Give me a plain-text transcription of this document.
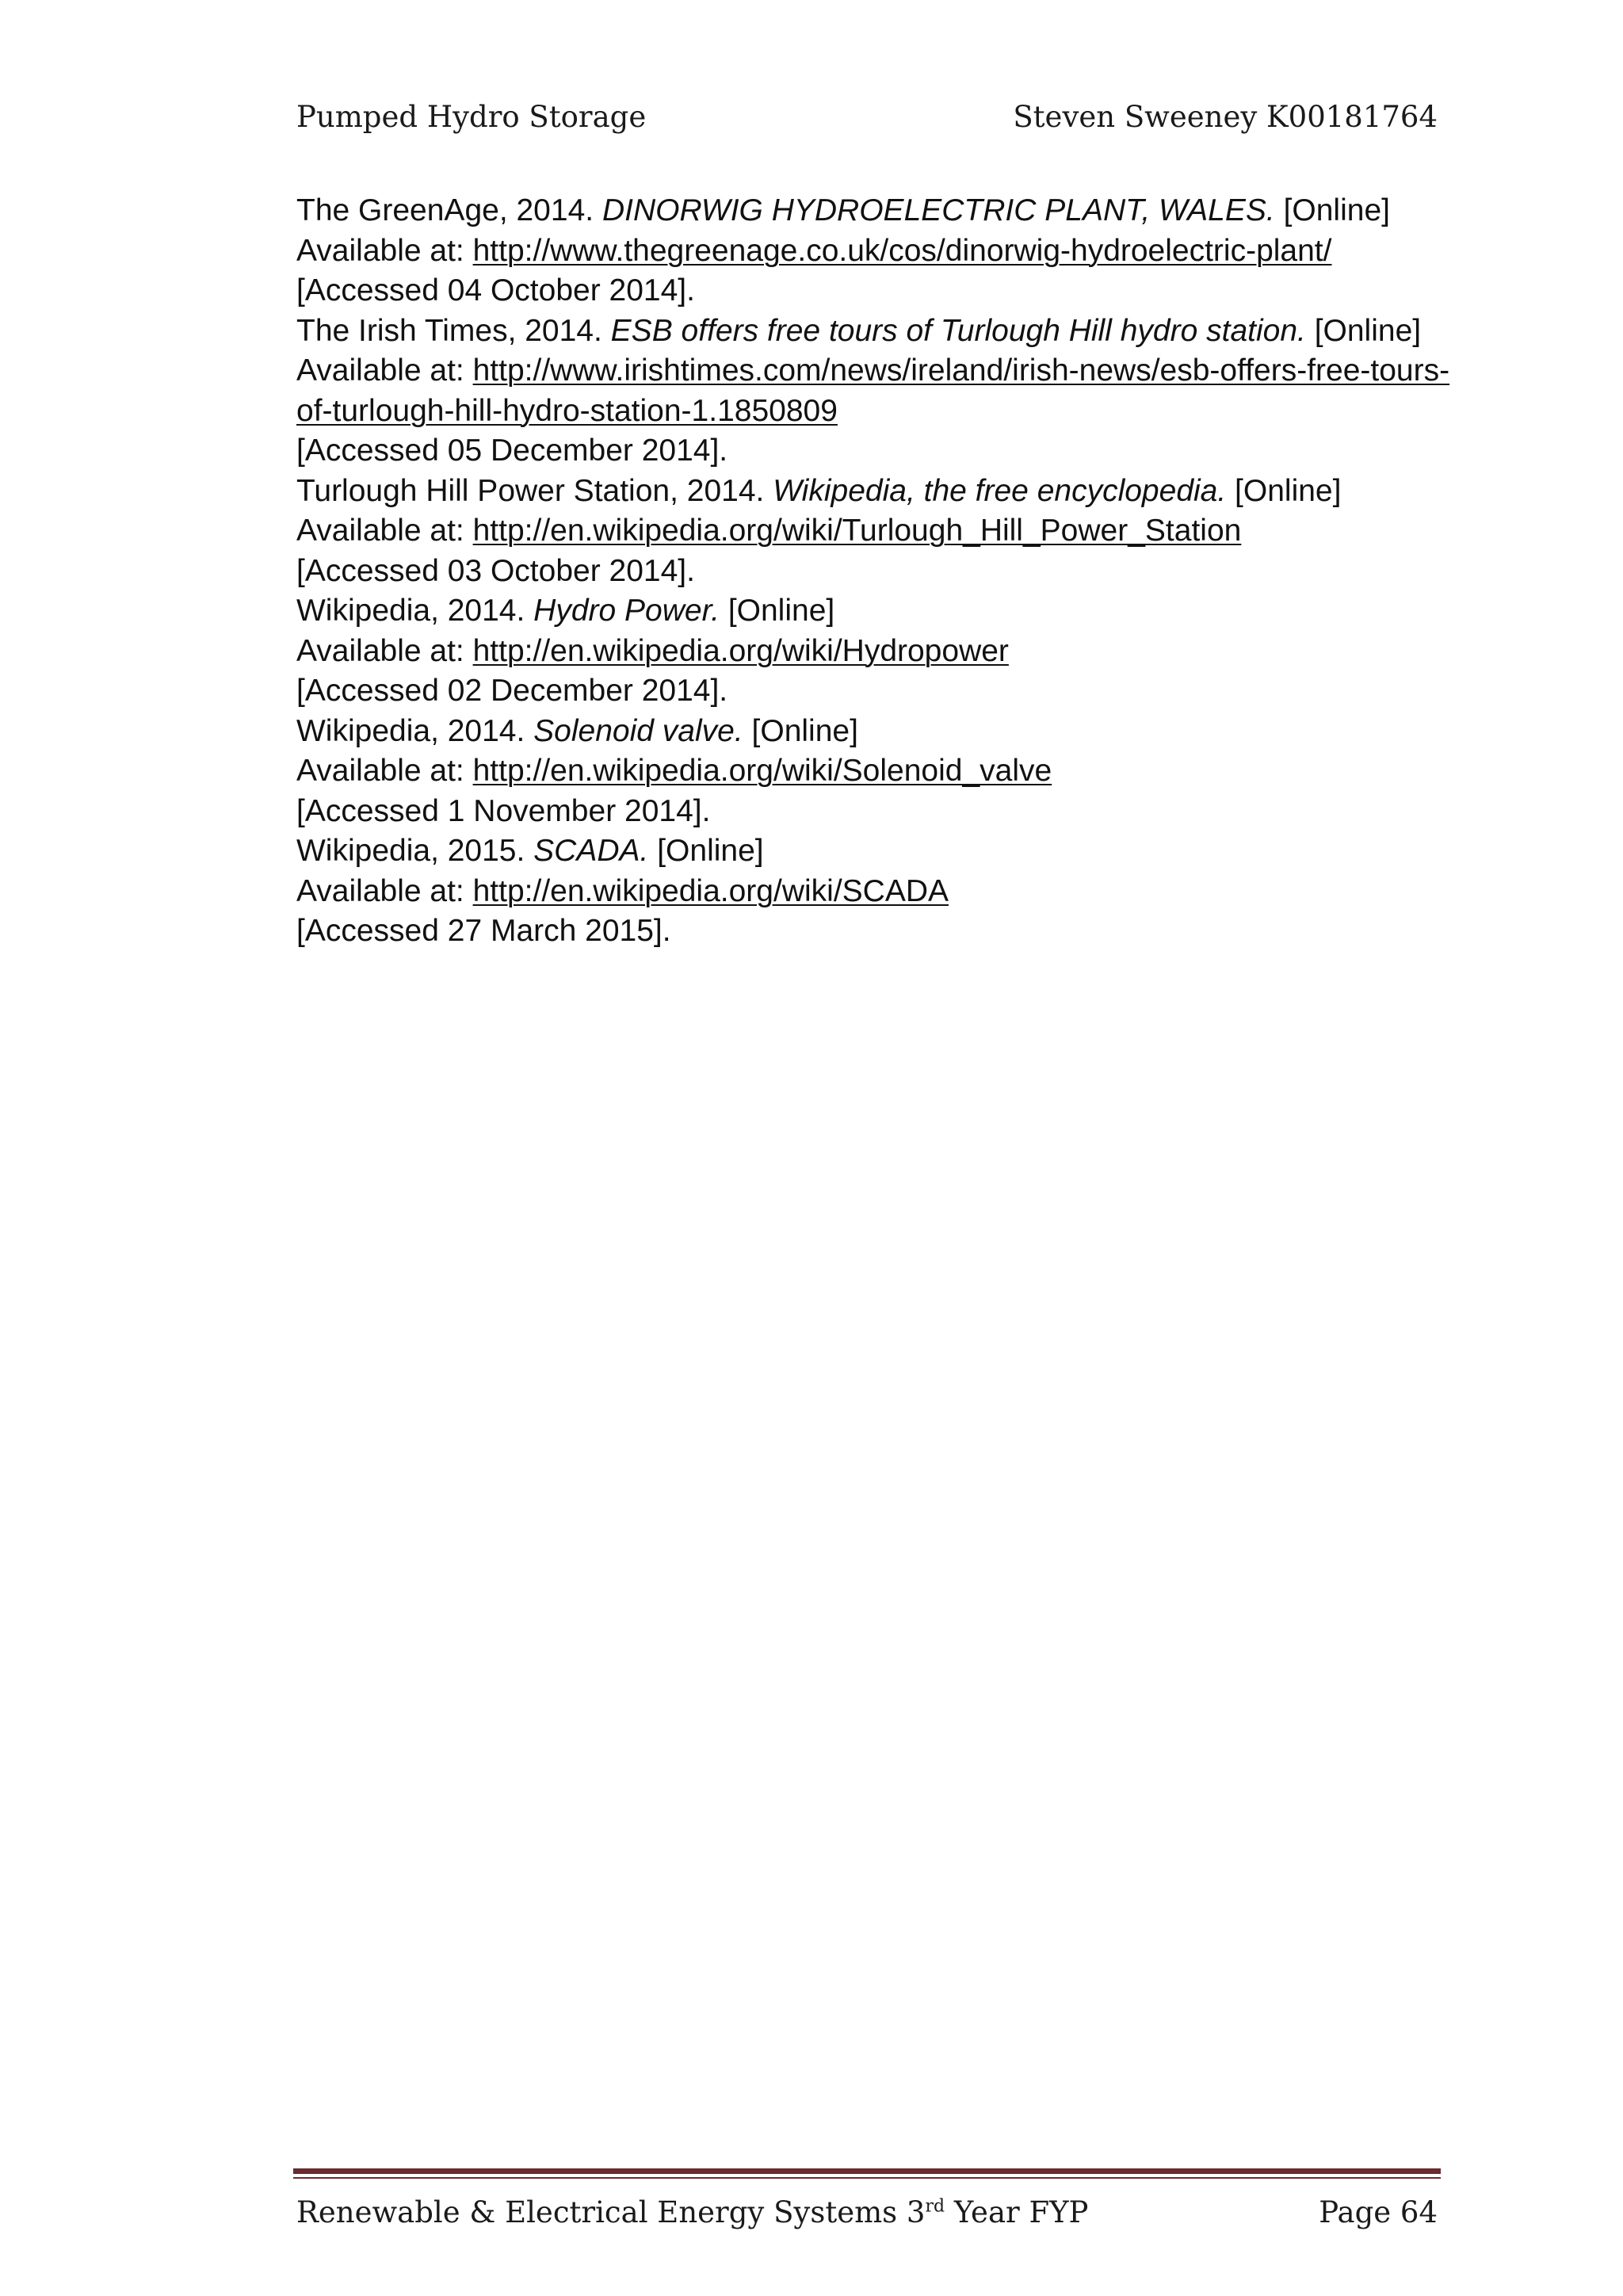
Pumped Hydro Storage	Steven Sweeney K00181764
The GreenAge, 2014. DINORWIG HYDROELECTRIC PLANT, WALES. [Online]
Available at: http://www.thegreenage.co.uk/cos/dinorwig-hydroelectric-plant/
[Accessed 04 October 2014].
The Irish Times, 2014. ESB offers free tours of Turlough Hill hydro station. [Online]
Available at: http://www.irishtimes.com/news/ireland/irish-news/esb-offers-free-tours-
of-turlough-hill-hydro-station-1.1850809
[Accessed 05 December 2014].
Turlough Hill Power Station, 2014. Wikipedia, the free encyclopedia. [Online]
Available at: http://en.wikipedia.org/wiki/Turlough_Hill_Power_Station
[Accessed 03 October 2014].
Wikipedia, 2014. Hydro Power. [Online]
Available at: http://en.wikipedia.org/wiki/Hydropower
[Accessed 02 December 2014].
Wikipedia, 2014. Solenoid valve. [Online]
Available at: http://en.wikipedia.org/wiki/Solenoid_valve
[Accessed 1 November 2014].
Wikipedia, 2015. SCADA. [Online]
Available at: http://en.wikipedia.org/wiki/SCADA
[Accessed 27 March 2015].
Renewable & Electrical Energy Systems 3rd Year FYP	Page 64
